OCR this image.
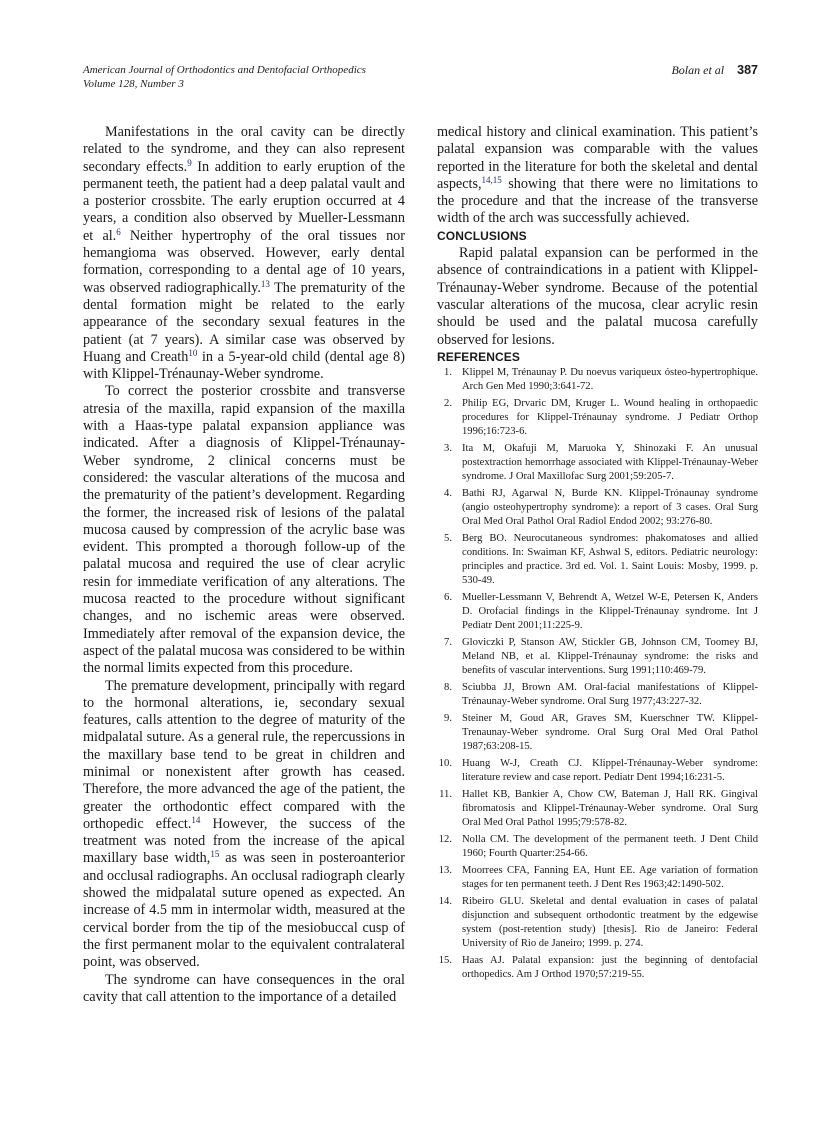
American Journal of Orthodontics and Dentofacial Orthopedics
Volume 128, Number 3
Bolan et al 387

Manifestations in the oral cavity can be directly related to the syndrome, and they can also represent secondary effects.$^9$ In addition to early eruption of the permanent teeth, the patient had a deep palatal vault and a posterior crossbite. The early eruption occurred at 4 years, a condition also observed by Mueller-Lessmann et al.$^6$ Neither hypertrophy of the oral tissues nor hemangioma was observed. However, early dental formation, corresponding to a dental age of 10 years, was observed radiographically.$^{13}$ The prematurity of the dental formation might be related to the early appearance of the secondary sexual features in the patient (at 7 years). A similar case was observed by Huang and Creath$^{10}$ in a 5-year-old child (dental age 8) with Klippel-Trénaunay-Weber syndrome.

To correct the posterior crossbite and transverse atresia of the maxilla, rapid expansion of the maxilla with a Haas-type palatal expansion appliance was indicated. After a diagnosis of Klippel-Trénaunay-Weber syndrome, 2 clinical concerns must be considered: the vascular alterations of the mucosa and the prematurity of the patient’s development. Regarding the former, the increased risk of lesions of the palatal mucosa caused by compression of the acrylic base was evident. This prompted a thorough follow-up of the palatal mucosa and required the use of clear acrylic resin for immediate verification of any alterations. The mucosa reacted to the procedure without significant changes, and no ischemic areas were observed. Immediately after removal of the expansion device, the aspect of the palatal mucosa was considered to be within the normal limits expected from this procedure.

The premature development, principally with regard to the hormonal alterations, ie, secondary sexual features, calls attention to the degree of maturity of the midpalatal suture. As a general rule, the repercussions in the maxillary base tend to be great in children and minimal or nonexistent after growth has ceased. Therefore, the more advanced the age of the patient, the greater the orthodontic effect compared with the orthopedic effect.$^{14}$ However, the success of the treatment was noted from the increase of the apical maxillary base width,$^{15}$ as was seen in posteroanterior and occlusal radiographs. An occlusal radiograph clearly showed the midpalatal suture opened as expected. An increase of 4.5 mm in intermolar width, measured at the cervical border from the tip of the mesiobuccal cusp of the first permanent molar to the equivalent contralateral point, was observed.

The syndrome can have consequences in the oral cavity that call attention to the importance of a detailed

medical history and clinical examination. This patient’s palatal expansion was comparable with the values reported in the literature for both the skeletal and dental aspects,$^{14,15}$ showing that there were no limitations to the procedure and that the increase of the transverse width of the arch was successfully achieved.

CONCLUSIONS

Rapid palatal expansion can be performed in the absence of contraindications in a patient with Klippel-Trénaunay-Weber syndrome. Because of the potential vascular alterations of the mucosa, clear acrylic resin should be used and the palatal mucosa carefully observed for lesions.

REFERENCES
1. Klippel M, Trénaunay P. Du noevus variqueux ósteo-hypertrophique. Arch Gen Med 1990;3:641-72.
2. Philip EG, Drvaric DM, Kruger L. Wound healing in orthopaedic procedures for Klippel-Trénaunay syndrome. J Pediatr Orthop 1996;16:723-6.
3. Ita M, Okafuji M, Maruoka Y, Shinozaki F. An unusual postextraction hemorrhage associated with Klippel-Trénaunay-Weber syndrome. J Oral Maxillofac Surg 2001;59:205-7.
4. Bathi RJ, Agarwal N, Burde KN. Klippel-Trónaunay syndrome (angio osteohypertrophy syndrome): a report of 3 cases. Oral Surg Oral Med Oral Pathol Oral Radiol Endod 2002; 93:276-80.
5. Berg BO. Neurocutaneous syndromes: phakomatoses and allied conditions. In: Swaiman KF, Ashwal S, editors. Pediatric neurology: principles and practice. 3rd ed. Vol. 1. Saint Louis: Mosby, 1999. p. 530-49.
6. Mueller-Lessmann V, Behrendt A, Wetzel W-E, Petersen K, Anders D. Orofacial findings in the Klippel-Trénaunay syndrome. Int J Pediatr Dent 2001;11:225-9.
7. Gloviczki P, Stanson AW, Stickler GB, Johnson CM, Toomey BJ, Meland NB, et al. Klippel-Trénaunay syndrome: the risks and benefits of vascular interventions. Surg 1991;110:469-79.
8. Sciubba JJ, Brown AM. Oral-facial manifestations of Klippel-Trénaunay-Weber syndrome. Oral Surg 1977;43:227-32.
9. Steiner M, Goud AR, Graves SM, Kuerschner TW. Klippel-Trenaunay-Weber syndrome. Oral Surg Oral Med Oral Pathol 1987;63:208-15.
10. Huang W-J, Creath CJ. Klippel-Trénaunay-Weber syndrome: literature review and case report. Pediatr Dent 1994;16:231-5.
11. Hallet KB, Bankier A, Chow CW, Bateman J, Hall RK. Gingival fibromatosis and Klippel-Trénaunay-Weber syndrome. Oral Surg Oral Med Oral Pathol 1995;79:578-82.
12. Nolla CM. The development of the permanent teeth. J Dent Child 1960; Fourth Quarter:254-66.
13. Moorrees CFA, Fanning EA, Hunt EE. Age variation of formation stages for ten permanent teeth. J Dent Res 1963;42:1490-502.
14. Ribeiro GLU. Skeletal and dental evaluation in cases of palatal disjunction and subsequent orthodontic treatment by the edgewise system (post-retention study) [thesis]. Rio de Janeiro: Federal University of Rio de Janeiro; 1999. p. 274.
15. Haas AJ. Palatal expansion: just the beginning of dentofacial orthopedics. Am J Orthod 1970;57:219-55.
